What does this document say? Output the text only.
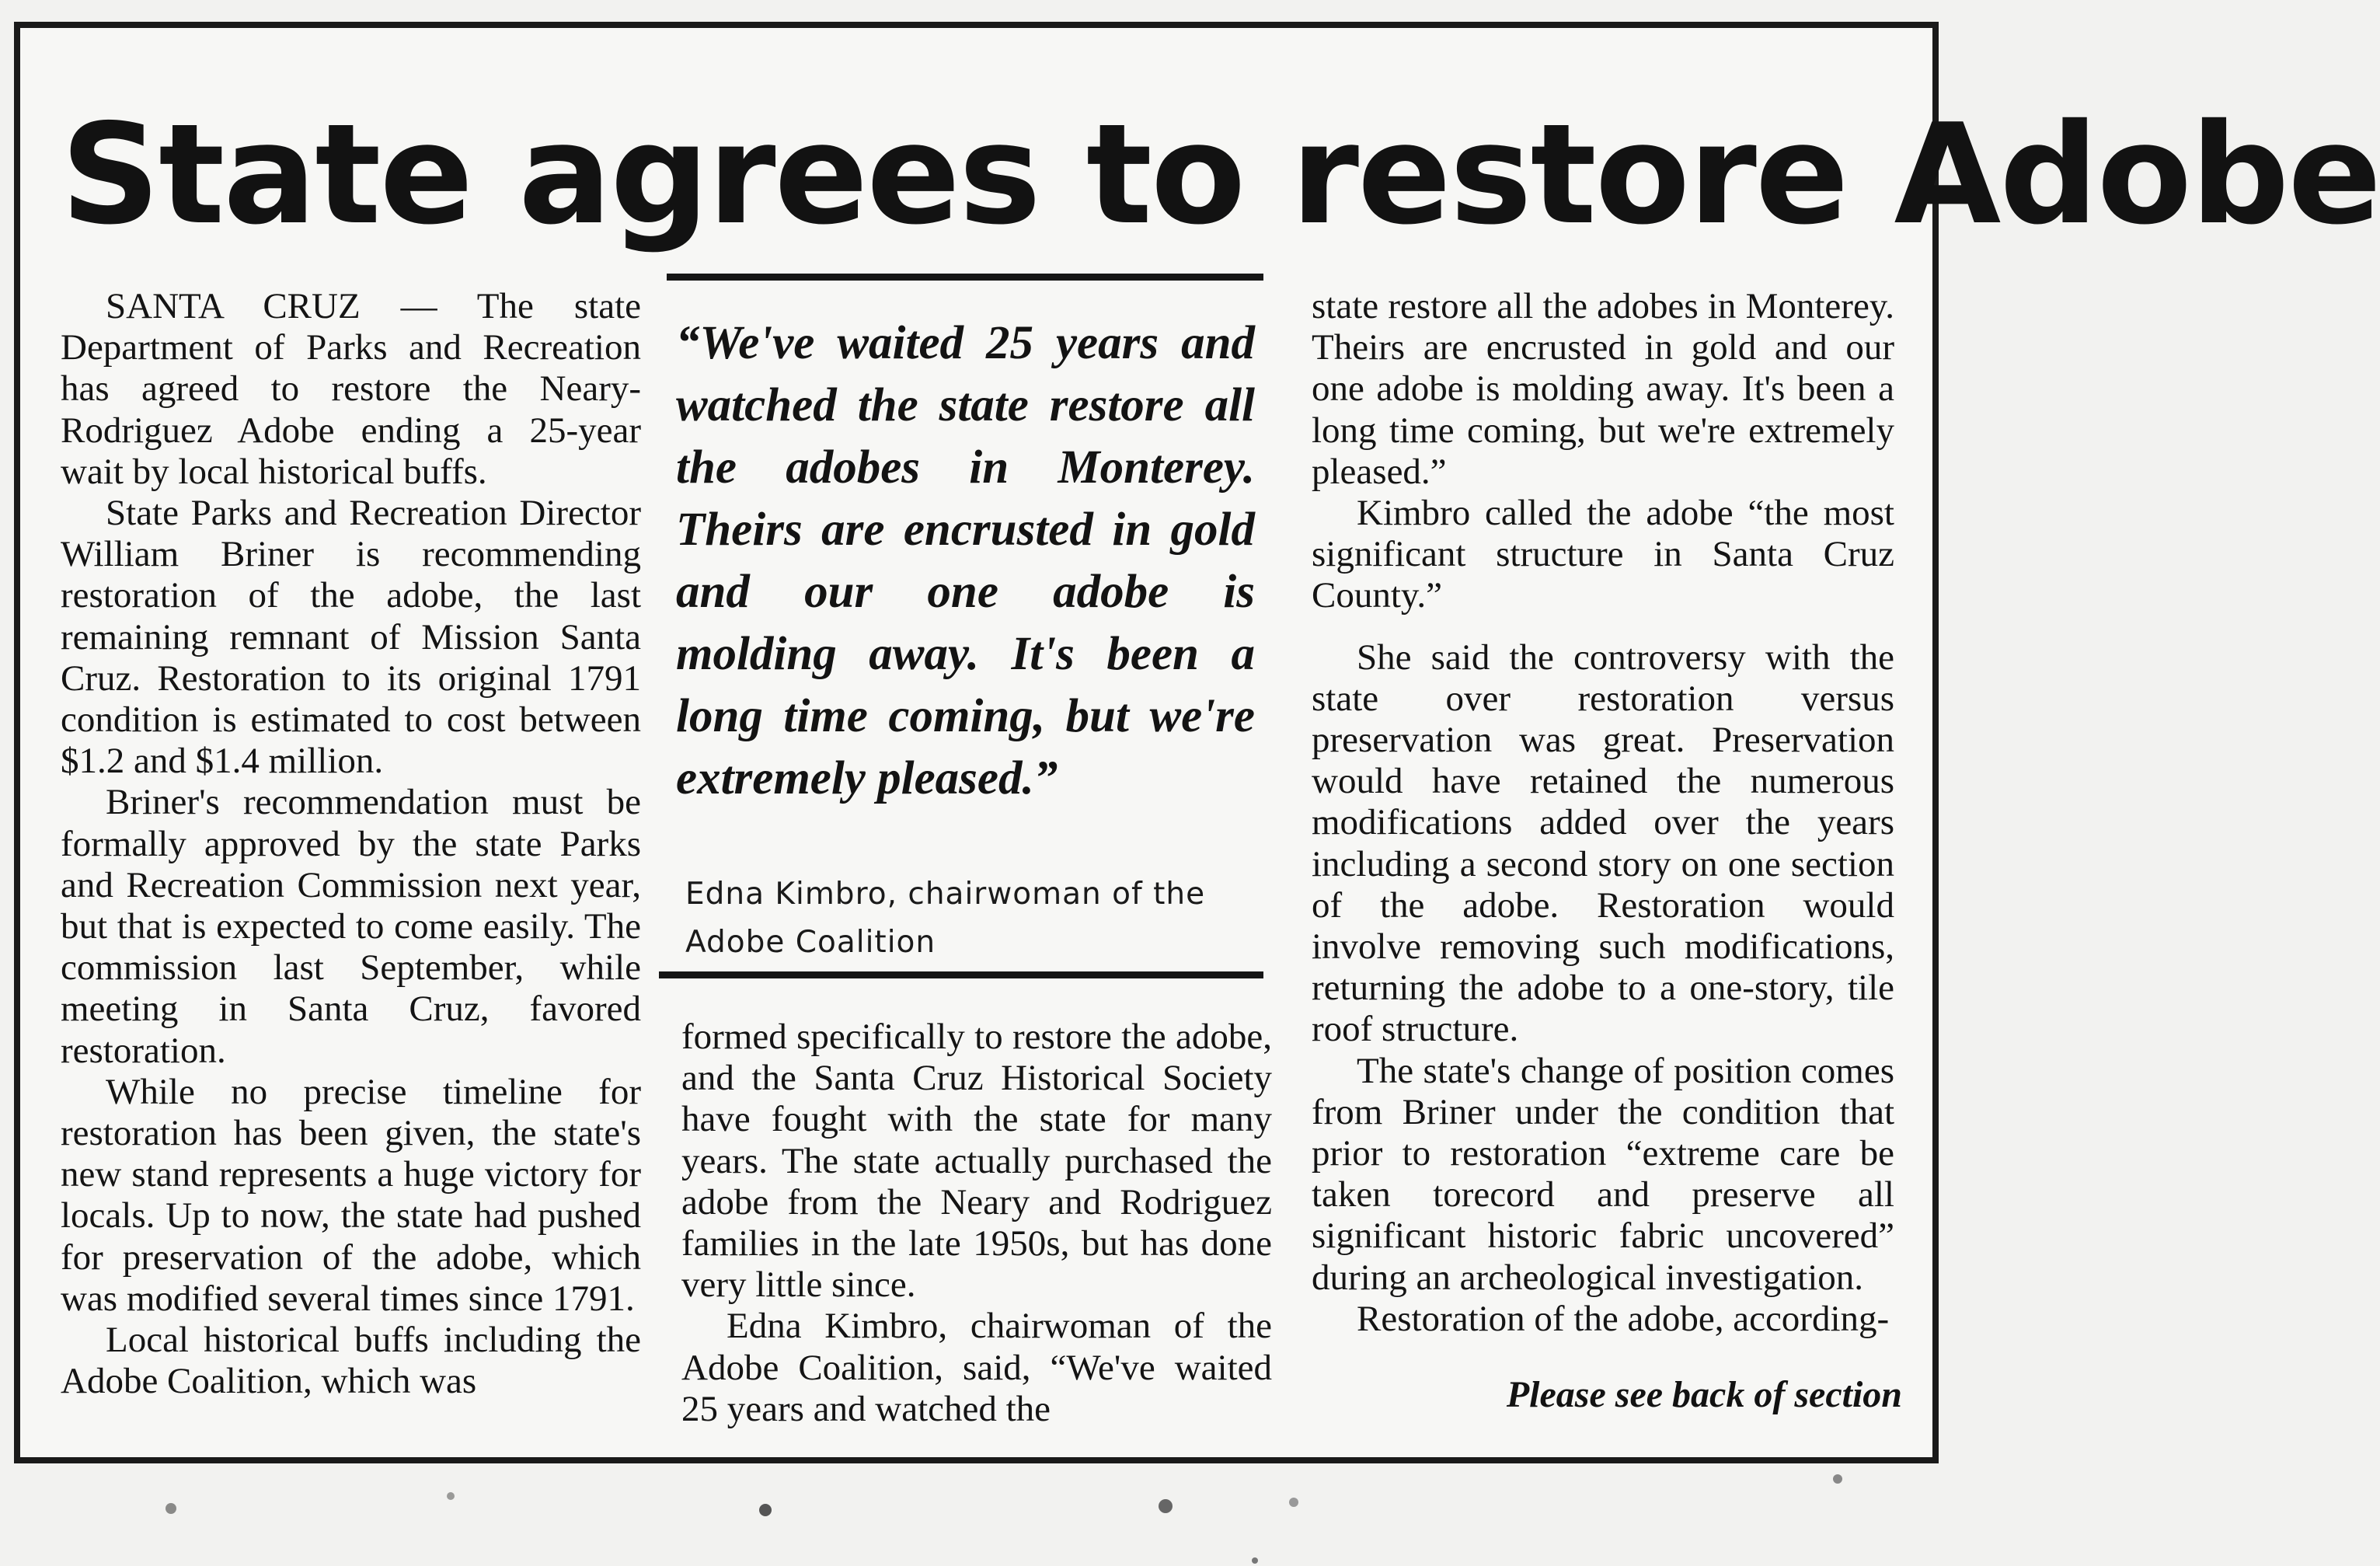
State agrees to restore Adobe

SANTA CRUZ — The state Department of Parks and Recreation has agreed to restore the Neary-Rodriguez Adobe ending a 25-year wait by local historical buffs.

State Parks and Recreation Director William Briner is recommending restoration of the adobe, the last remaining remnant of Mission Santa Cruz. Restoration to its original 1791 condition is estimated to cost between $1.2 and $1.4 million.

Briner's recommendation must be formally approved by the state Parks and Recreation Commission next year, but that is expected to come easily. The commission last September, while meeting in Santa Cruz, favored restoration.

While no precise timeline for restoration has been given, the state's new stand represents a huge victory for locals. Up to now, the state had pushed for preservation of the adobe, which was modified several times since 1791.

Local historical buffs including the Adobe Coalition, which was

“We've waited 25 years and watched the state restore all the adobes in Monterey. Theirs are encrusted in gold and our one adobe is molding away. It's been a long time coming, but we're extremely pleased.”

Edna Kimbro, chairwoman of the Adobe Coalition

formed specifically to restore the adobe, and the Santa Cruz Historical Society have fought with the state for many years. The state actually purchased the adobe from the Neary and Rodriguez families in the late 1950s, but has done very little since.

Edna Kimbro, chairwoman of the Adobe Coalition, said, “We've waited 25 years and watched the

state restore all the adobes in Monterey. Theirs are encrusted in gold and our one adobe is molding away. It's been a long time coming, but we're extremely pleased.”

Kimbro called the adobe “the most significant structure in Santa Cruz County.”

She said the controversy with the state over restoration versus preservation was great. Preservation would have retained the numerous modifications added over the years including a second story on one section of the adobe. Restoration would involve removing such modifications, returning the adobe to a one-story, tile roof structure.

The state's change of position comes from Briner under the condition that prior to restoration “extreme care be taken torecord and preserve all significant historic fabric uncovered” during an archeological investigation.

Restoration of the adobe, according-

Please see back of section
